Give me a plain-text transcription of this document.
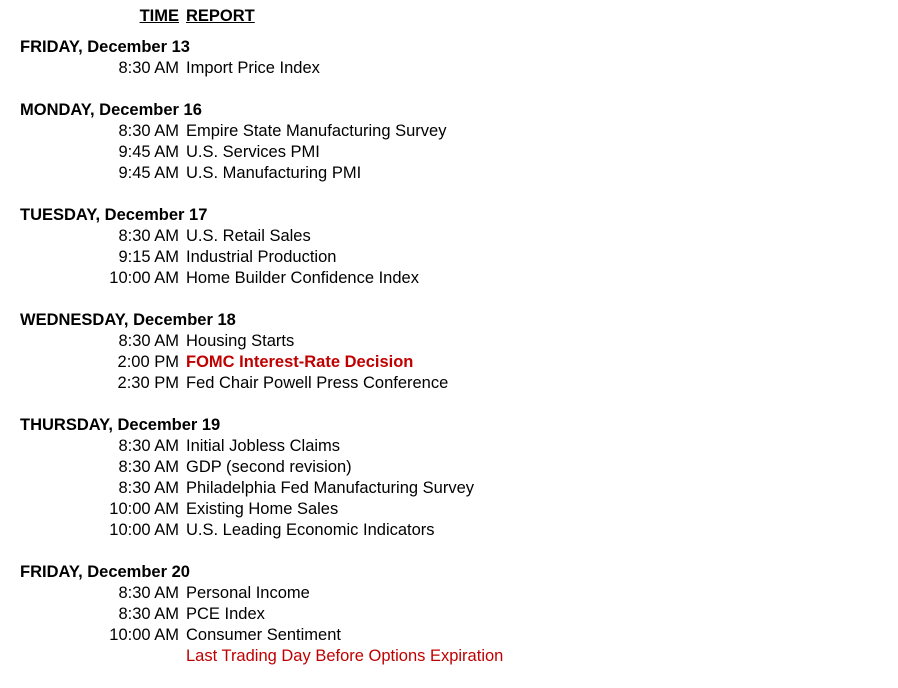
TIME REPORT
FRIDAY, December 13
8:30 AM Import Price Index
MONDAY, December 16
8:30 AM Empire State Manufacturing Survey
9:45 AM U.S. Services PMI
9:45 AM U.S. Manufacturing PMI
TUESDAY, December 17
8:30 AM U.S. Retail Sales
9:15 AM Industrial Production
10:00 AM Home Builder Confidence Index
WEDNESDAY, December 18
8:30 AM Housing Starts
2:00 PM FOMC Interest-Rate Decision
2:30 PM Fed Chair Powell Press Conference
THURSDAY, December 19
8:30 AM Initial Jobless Claims
8:30 AM GDP (second revision)
8:30 AM Philadelphia Fed Manufacturing Survey
10:00 AM Existing Home Sales
10:00 AM U.S. Leading Economic Indicators
FRIDAY, December 20
8:30 AM Personal Income
8:30 AM PCE Index
10:00 AM Consumer Sentiment
Last Trading Day Before Options Expiration
